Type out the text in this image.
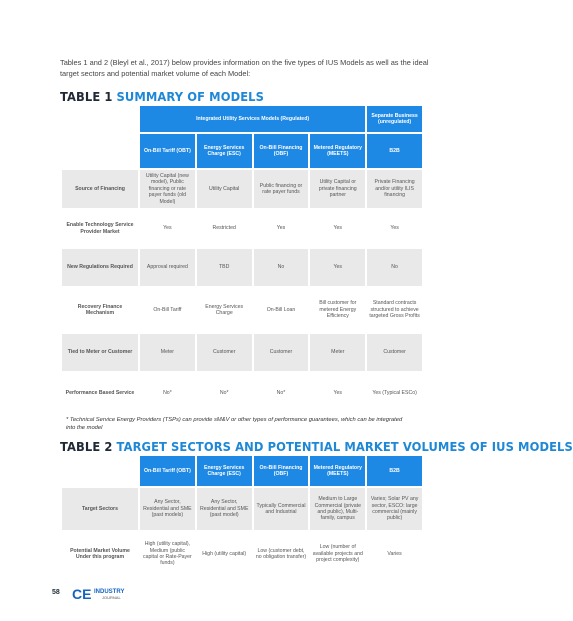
Tables 1 and 2 (Bleyl et al., 2017) below provides information on the five types of IUS Models as well as the ideal target sectors and potential market volume of each Model:

TABLE 1 SUMMARY OF MODELS
	Integrated Utility Services Models (Regulated)				Separate Business (unregulated)
	On-Bill Tariff (OBT)	Energy Services Charge (ESC)	On-Bill Financing (OBF)	Metered Regulatory (MEETS)	B2B
Source of Financing	Utility Capital (new model), Public financing or rate payer funds (old Model)	Utility Capital	Public financing or rate payer funds	Utility Capital or private financing partner	Private Financing and/or utility ILIS financing
Enable Technology Service Provider Market	Yes	Restricted	Yes	Yes	Yes
New Regulations Required	Approval required	TBD	No	Yes	No
Recovery Finance Mechanism	On-Bill Tariff	Energy Services Charge	On-Bill Loan	Bill customer for metered Energy Efficiency	Standard contracts structured to achieve targeted Gross Profits
Tied to Meter or Customer	Meter	Customer	Customer	Meter	Customer
Performance Based Service	No*	No*	No*	Yes	Yes (Typical ESCo)

* Technical Service Energy Providers (TSPs) can provide sM&V or other types of performance guarantees, which can be integrated into the model

TABLE 2 TARGET SECTORS AND POTENTIAL MARKET VOLUMES OF IUS MODELS
	On-Bill Tariff (OBT)	Energy Services Charge (ESC)	On-Bill Financing (OBF)	Metered Regulatory (MEETS)	B2B
Target Sectors	Any Sector, Residential and SME (past models)	Any Sector, Residential and SME (past model)	Typically Commercial and Industrial	Medium to Large Commercial (private and public), Multi- family, campus	Varies; Solar PV any sector, ESCO: large commercial (mainly public)
Potential Market Volume Under this program	High (utility capital), Medium (public capital or Rate-Payer funds)	High (utility capital)	Low (customer debt, no obligation transfer)	Low (number of available projects and project complexity)	Varies
58 CE INDUSTRY
JOURNAL
